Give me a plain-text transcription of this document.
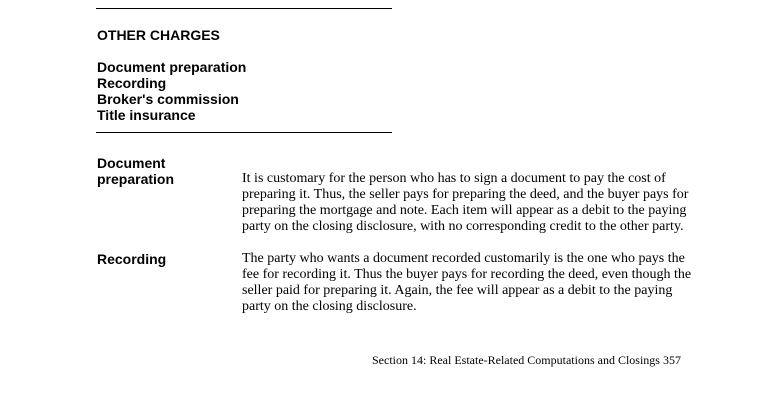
OTHER CHARGES
Document preparation
Recording
Broker's commission
Title insurance
Document
preparation	It is customary for the person who has to sign a document to pay the cost of
preparing it. Thus, the seller pays for preparing the deed, and the buyer pays for
preparing the mortgage and note. Each item will appear as a debit to the paying
party on the closing disclosure, with no corresponding credit to the other party.
Recording	The party who wants a document recorded customarily is the one who pays the
fee for recording it. Thus the buyer pays for recording the deed, even though the
seller paid for preparing it. Again, the fee will appear as a debit to the paying
party on the closing disclosure.
Section 14: Real Estate-Related Computations and Closings 357
